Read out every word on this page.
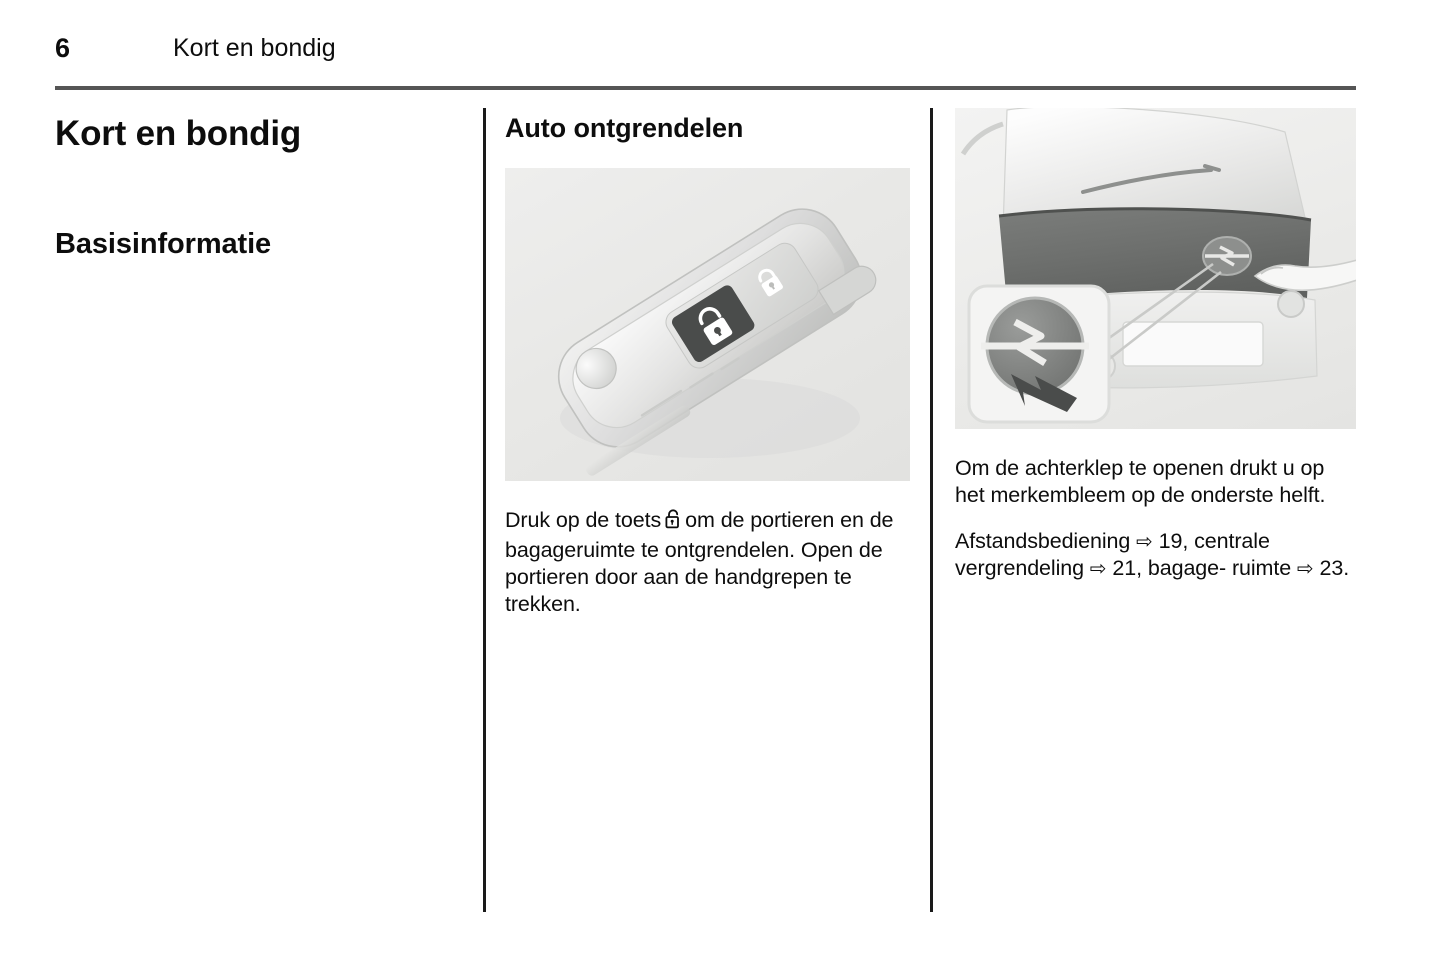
6	Kort en bondig
Kort en bondig
Basisinformatie
Auto ontgrendelen

Druk op de toets om de portieren en de bagageruimte te ontgrendelen. Open de portieren door aan de handgrepen te trekken.

Om de achterklep te openen drukt u op het merkembleem op de onderste helft.

Afstandsbediening ⇨ 19, centrale vergrendeling ⇨ 21, bagage- ruimte ⇨ 23.
